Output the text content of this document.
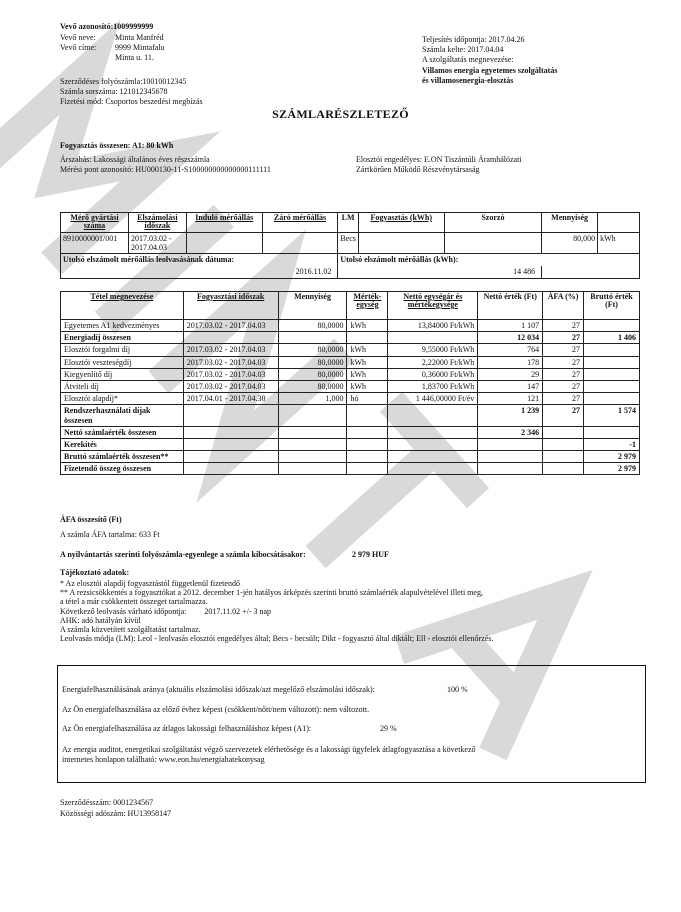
Vevő azonosító:1009999999
Vevő neve: Minta Manfréd
Vevő címe: 9999 Mintafalu
Minta u. 11.
Szerződéses folyószámla:10010012345
Számla sorszáma: 121012345678
Fizetési mód: Csoportos beszedési megbízás
Teljesítés időpontja: 2017.04.26
Számla kelte: 2017.04.04
A szolgáltatás megnevezése:
Villamos energia egyetemes szolgáltatás
és villamosenergia-elosztás
SZÁMLARÉSZLETEZŐ
Fogyasztás összesen: A1: 80 kWh
Árszabás: Lakossági általános éves részszámla
Mérési pont azonosító: HU000130-11-S100000000000000111111
Elosztói engedélyes: E.ON Tiszántúli Áramhálózati
Zártkörűen Működő Részvénytársaság
Mérő gyártási száma	Elszámolási időszak	Induló mérőállás	Záró mérőállás	LM	Fogyasztás (kWh)	Szorzó	Mennyiség	
8910000001/001	2017.03.02 - 2017.04.03			Becs			80,000	kWh
Utolsó elszámolt mérőállás leolvasásának dátuma:				Utolsó elszámolt mérőállás (kWh):				
2016.11.02				14 486				
Tétel megnevezése	Fogyasztási időszak	Mennyiség	Mérték-egység	Nettó egységár és mértékegysége	Nettó érték (Ft)	ÁFA (%)	Bruttó érték (Ft)
Egyetemes A1 kedvezményes	2017.03.02 - 2017.04.03	80,0000	kWh	13,84000 Ft/kWh	1 107	27	
Energiadíj összesen					12 034	27	1 406
Elosztói forgalmi díj	2017.03.02 - 2017.04.03	80,0000	kWh	9,55000 Ft/kWh	764	27	
Elosztói veszteségdíj	2017.03.02 - 2017.04.03	80,0000	kWh	2,22000 Ft/kWh	178	27	
Kiegyenlítő díj	2017.03.02 - 2017.04.03	80,0000	kWh	0,36000 Ft/kWh	29	27	
Átviteli díj	2017.03.02 - 2017.04.03	80,0000	kWh	1,83700 Ft/kWh	147	27	
Elosztói alapdíj*	2017.04.01 - 2017.04.30	1,000	hó	1 446,00000 Ft/év	121	27	
Rendszerhasználati díjak összesen					1 239	27	1 574
Nettó számlaérték összesen					2 346		
Kerekítés							-1
Bruttó számlaérték összesen**							2 979
Fizetendő összeg összesen							2 979
ÁFA összesítő (Ft)
A számla ÁFA tartalma: 633 Ft
A nyilvántartás szerinti folyószámla-egyenlege a számla kibocsátásakor:	2 979 HUF
Tájékoztató adatok:
* Az elosztói alapdíj fogyasztástól függetlenül fizetendő
** A rezsicsökkentés a fogyasztókat a 2012. december 1-jén hatályos árképzés szerinti bruttó számlaérték alapulvételével illeti meg,
a tétel a már csökkentett összeget tartalmazza.
Következő leolvasás várható időpontja:         2017.11.02 +/- 3 nap
AHK: adó hatályán kívül
A számla közvetített szolgáltatást tartalmaz.
Leolvasás módja (LM): Leol - leolvasás elosztói engedélyes által; Becs - becsült; Dikt - fogyasztó által diktált; Ell - elosztói ellenőrzés.
Energiafelhasználásának aránya (aktuális elszámolási időszak/azt megelőző elszámolási időszak):	100 %
Az Ön energiafelhasználása az előző évhez képest (csökkent/nőtt/nem változott): nem változott.
Az Ön energiafelhasználása az átlagos lakossági felhasználáshoz képest (A1):	29 %
Az energia auditot, energetikai szolgáltatást végző szervezetek elérhetősége és a lakossági ügyfelek átlagfogyasztása a következő
internetes honlapon található: www.eon.hu/energiahatekonysag
Szerződésszám: 0001234567
Közösségi adószám: HU13958147
